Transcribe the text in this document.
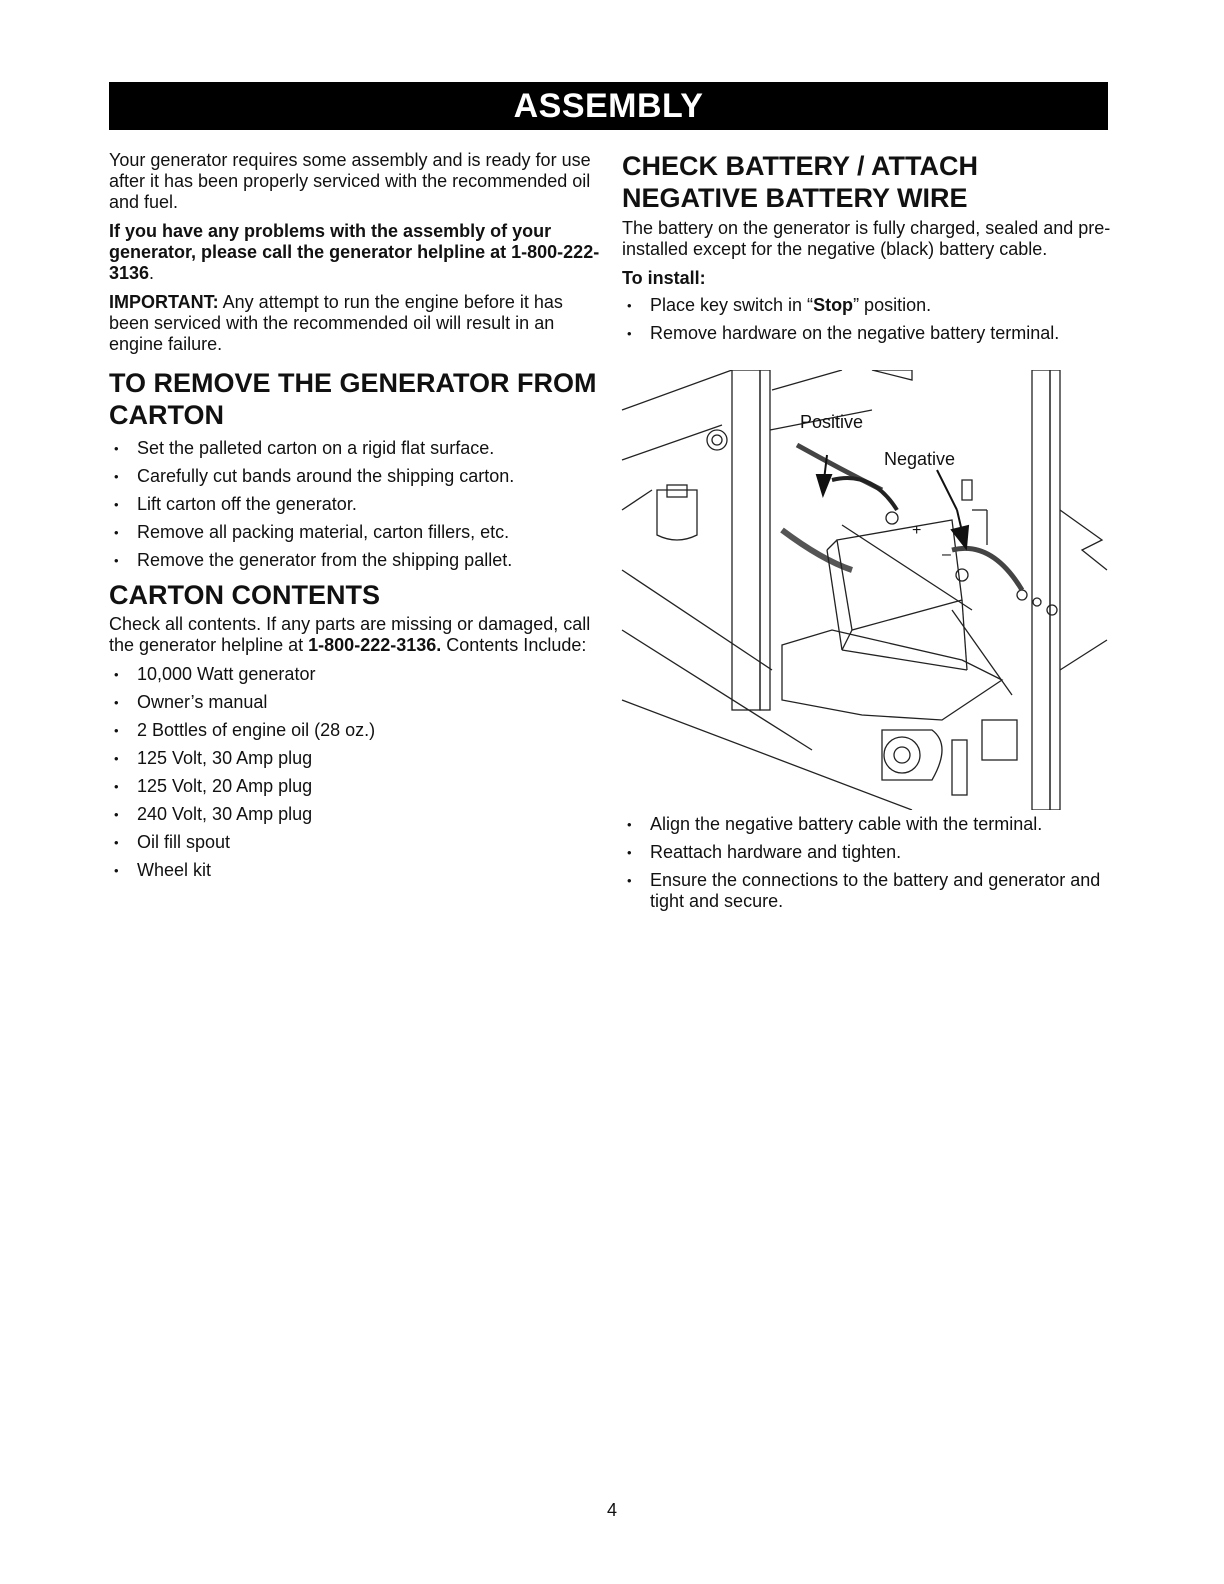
ASSEMBLY

Your generator requires some assembly and is ready for use after it has been properly serviced with the recommended oil and fuel.

If you have any problems with the assembly of your generator, please call the generator helpline at 1-800-222-3136.

IMPORTANT: Any attempt to run the engine before it has been serviced with the recommended oil will result in an engine failure.

TO REMOVE THE GENERATOR FROM CARTON
• Set the palleted carton on a rigid flat surface.
• Carefully cut bands around the shipping carton.
• Lift carton off the generator.
• Remove all packing material, carton fillers, etc.
• Remove the generator from the shipping pallet.
CARTON CONTENTS

Check all contents. If any parts are missing or damaged, call the generator helpline at 1-800-222-3136. Contents Include:

• 10,000 Watt generator
• Owner’s manual
• 2 Bottles of engine oil (28 oz.)
• 125 Volt, 30 Amp plug
• 125 Volt, 20 Amp plug
• 240 Volt, 30 Amp plug
• Oil fill spout
• Wheel kit
CHECK BATTERY / ATTACH NEGATIVE BATTERY WIRE

The battery on the generator is fully charged, sealed and pre-installed except for the negative (black) battery cable.

To install:

• Place key switch in “Stop” position.
• Remove hardware on the negative battery terminal.
Positive
Negative
+
–
• Align the negative battery cable with the terminal.
• Reattach hardware and tighten.
• Ensure the connections to the battery and generator and tight and secure.
4
